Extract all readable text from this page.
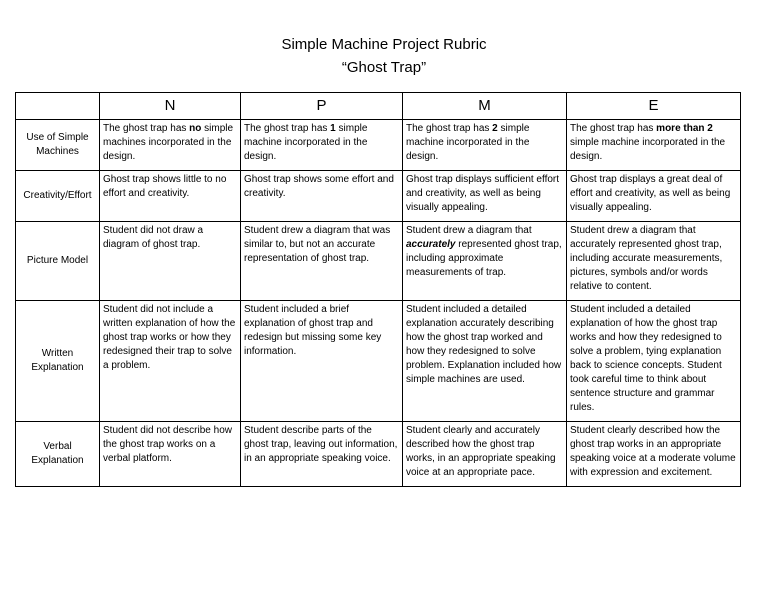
Simple Machine Project Rubric
“Ghost Trap”
	N	P	M	E
Use of Simple Machines	The ghost trap has no simple machines incorporated in the design.	The ghost trap has 1 simple machine incorporated in the design.	The ghost trap has 2 simple machine incorporated in the design.	The ghost trap has more than 2 simple machine incorporated in the design.
Creativity/Effort	Ghost trap shows little to no effort and creativity.	Ghost trap shows some effort and creativity.	Ghost trap displays sufficient effort and creativity, as well as being visually appealing.	Ghost trap displays a great deal of effort and creativity, as well as being visually appealing.
Picture Model	Student did not draw a diagram of ghost trap.	Student drew a diagram that was similar to, but not an accurate representation of ghost trap.	Student drew a diagram that accurately represented ghost trap, including approximate measurements of trap.	Student drew a diagram that accurately represented ghost trap, including accurate measurements, pictures, symbols and/or words relative to content.
Written Explanation	Student did not include a written explanation of how the ghost trap works or how they redesigned their trap to solve a problem.	Student included a brief explanation of ghost trap and redesign but missing some key information.	Student included a detailed explanation accurately describing how the ghost trap worked and how they redesigned to solve problem. Explanation included how simple machines are used.	Student included a detailed explanation of how the ghost trap works and how they redesigned to solve a problem, tying explanation back to science concepts. Student took careful time to think about sentence structure and grammar rules.
Verbal Explanation	Student did not describe how the ghost trap works on a verbal platform.	Student describe parts of the ghost trap, leaving out information, in an appropriate speaking voice.	Student clearly and accurately described how the ghost trap works, in an appropriate speaking voice at an appropriate pace.	Student clearly described how the ghost trap works in an appropriate speaking voice at a moderate volume with expression and excitement.
